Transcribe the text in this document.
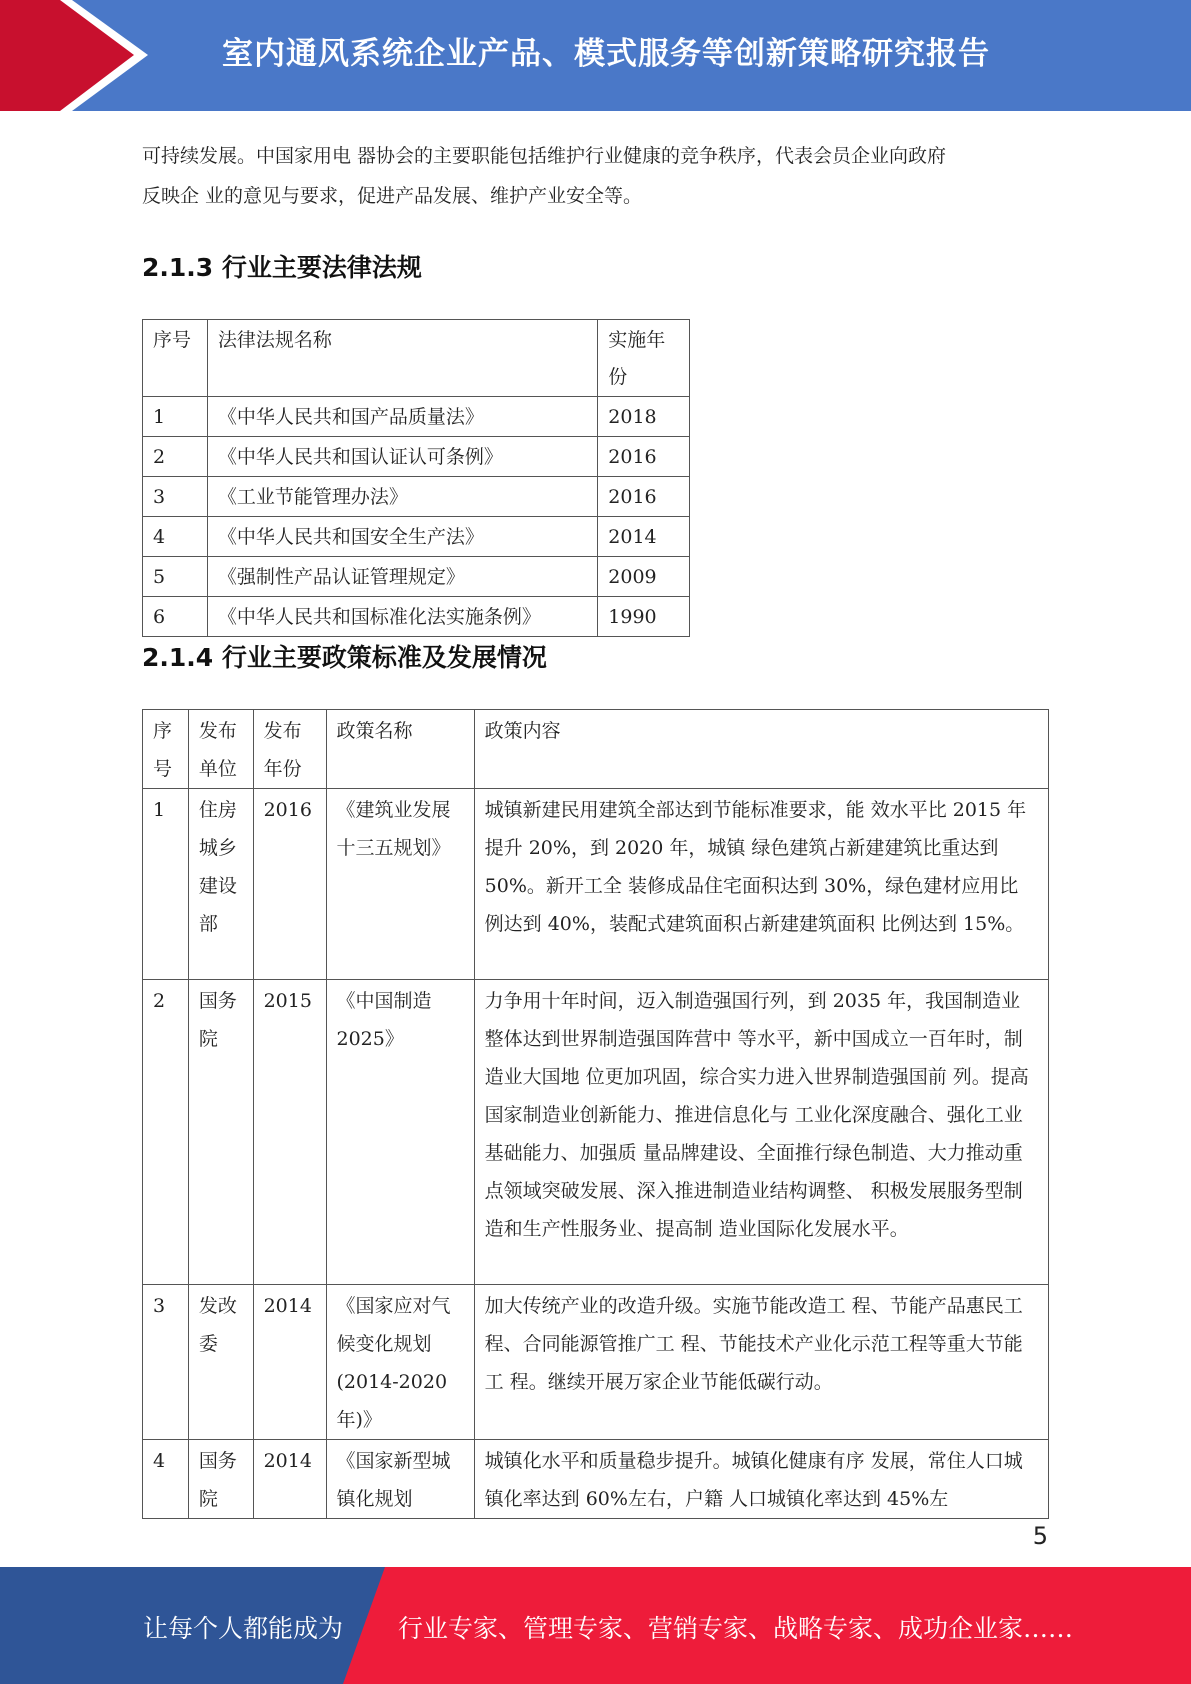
室内通风系统企业产品、模式服务等创新策略研究报告
可持续发展。中国家用电 器协会的主要职能包括维护行业健康的竞争秩序，代表会员企业向政府
反映企 业的意见与要求，促进产品发展、维护产业安全等。
2.1.3 行业主要法律法规
序号	法律法规名称	实施年份
1	《中华人民共和国产品质量法》	2018
2	《中华人民共和国认证认可条例》	2016
3	《工业节能管理办法》	2016
4	《中华人民共和国安全生产法》	2014
5	《强制性产品认证管理规定》	2009
6	《中华人民共和国标准化法实施条例》	1990
2.1.4 行业主要政策标准及发展情况
序号	发布单位	发布年份	政策名称	政策内容
1	住房城乡建设部	2016	《建筑业发展十三五规划》	城镇新建民用建筑全部达到节能标准要求，能 效水平比 2015 年提升 20%，到 2020 年，城镇 绿色建筑占新建建筑比重达到 50%。新开工全 装修成品住宅面积达到 30%，绿色建材应用比 例达到 40%，装配式建筑面积占新建建筑面积 比例达到 15%。
2	国务院	2015	《中国制造 2025》	力争用十年时间，迈入制造强国行列，到 2035 年，我国制造业整体达到世界制造强国阵营中 等水平，新中国成立一百年时，制造业大国地 位更加巩固，综合实力进入世界制造强国前 列。提高国家制造业创新能力、推进信息化与 工业化深度融合、强化工业基础能力、加强质 量品牌建设、全面推行绿色制造、大力推动重 点领域突破发展、深入推进制造业结构调整、 积极发展服务型制造和生产性服务业、提高制 造业国际化发展水平。
3	发改委	2014	《国家应对气候变化规划 (2014-2020 年)》	加大传统产业的改造升级。实施节能改造工 程、节能产品惠民工程、合同能源管推广工 程、节能技术产业化示范工程等重大节能工 程。继续开展万家企业节能低碳行动。
4	国务院	2014	《国家新型城镇化规划	城镇化水平和质量稳步提升。城镇化健康有序 发展，常住人口城镇化率达到 60%左右，户籍 人口城镇化率达到 45%左
5
让每个人都能成为 行业专家、管理专家、营销专家、战略专家、成功企业家……
